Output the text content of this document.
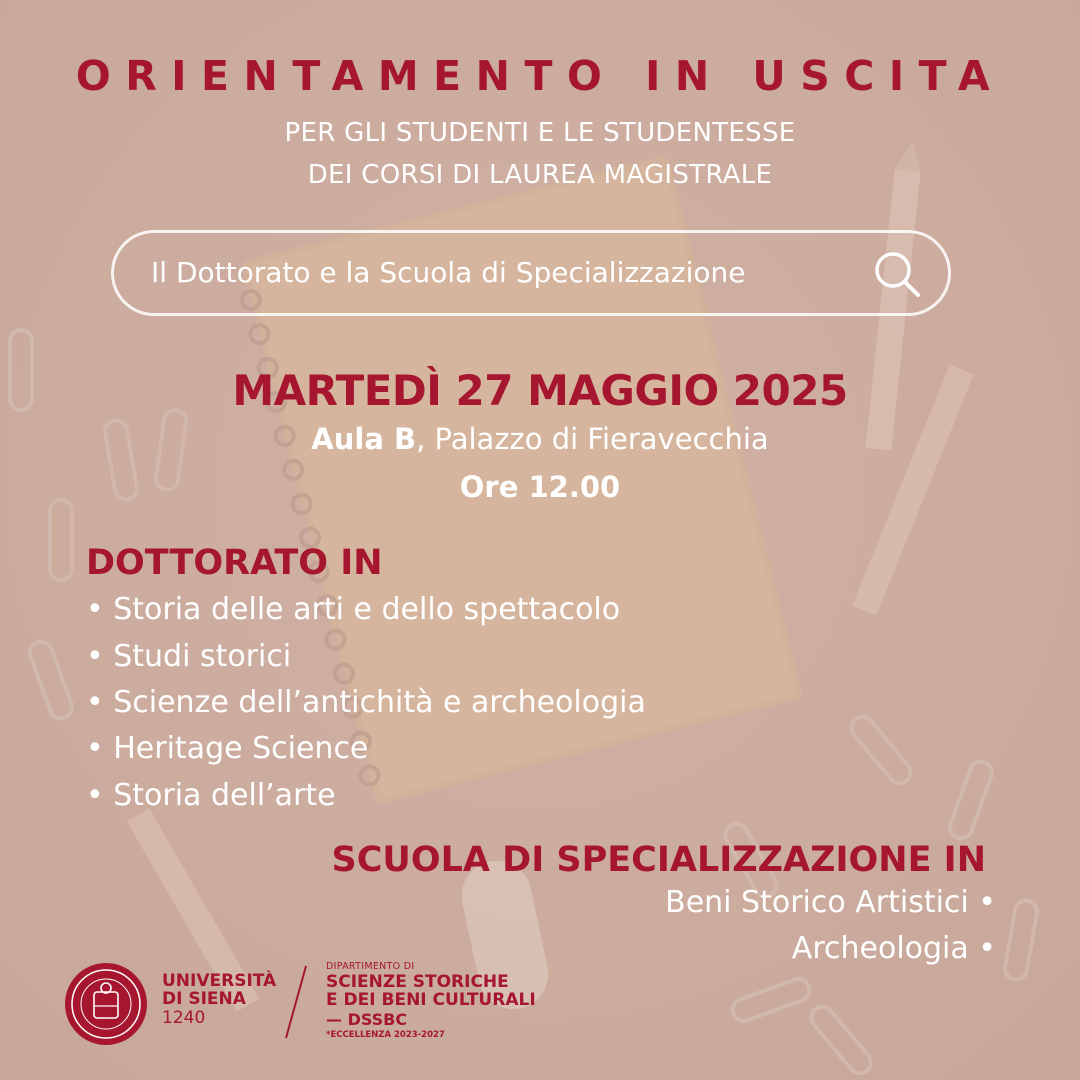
ORIENTAMENTO IN USCITA
PER GLI STUDENTI E LE STUDENTESSE
DEI CORSI DI LAUREA MAGISTRALE
Il Dottorato e la Scuola di Specializzazione
MARTEDÌ 27 MAGGIO 2025
Aula B, Palazzo di Fieravecchia
Ore 12.00
DOTTORATO IN
• Storia delle arti e dello spettacolo
• Studi storici
• Scienze dell’antichità e archeologia
• Heritage Science
• Storia dell’arte
SCUOLA DI SPECIALIZZAZIONE IN
Beni Storico Artistici •
Archeologia •
UNIVERSITÀ
DI SIENA
1240
DIPARTIMENTO DI
SCIENZE STORICHE
E DEI BENI CULTURALI
— DSSBC
*ECCELLENZA 2023-2027
